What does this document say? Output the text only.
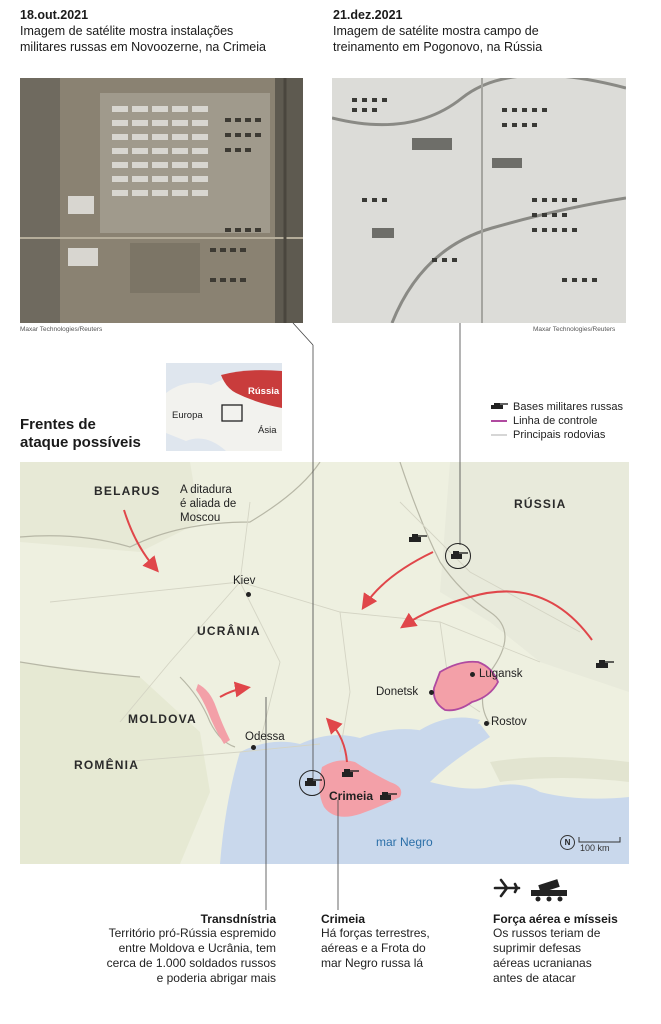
18.out.2021
Imagem de satélite mostra instalações
militares russas em Novoozerne, na Crimeia
21.dez.2021
Imagem de satélite mostra campo de
treinamento em Pogonovo, na Rússia
Maxar Technologies/Reuters	Maxar Technologies/Reuters
Rússia
Europa
Ásia
Frentes de
ataque possíveis
Bases militares russas
Linha de controle
Principais rodovias
BELARUS A ditadura
é aliada de
Moscou
RÚSSIA
UCRÂNIA
MOLDOVA
ROMÊNIA
Kiev
Odessa
Donetsk
Lugansk
Rostov
Crimeia
mar Negro	N
100 km
Transdnístria
Território pró-Rússia espremido
entre Moldova e Ucrânia, tem
cerca de 1.000 soldados russos
e poderia abrigar mais
Crimeia
Há forças terrestres,
aéreas e a Frota do
mar Negro russa lá
Força aérea e mísseis
Os russos teriam de
suprimir defesas
aéreas ucranianas
antes de atacar
